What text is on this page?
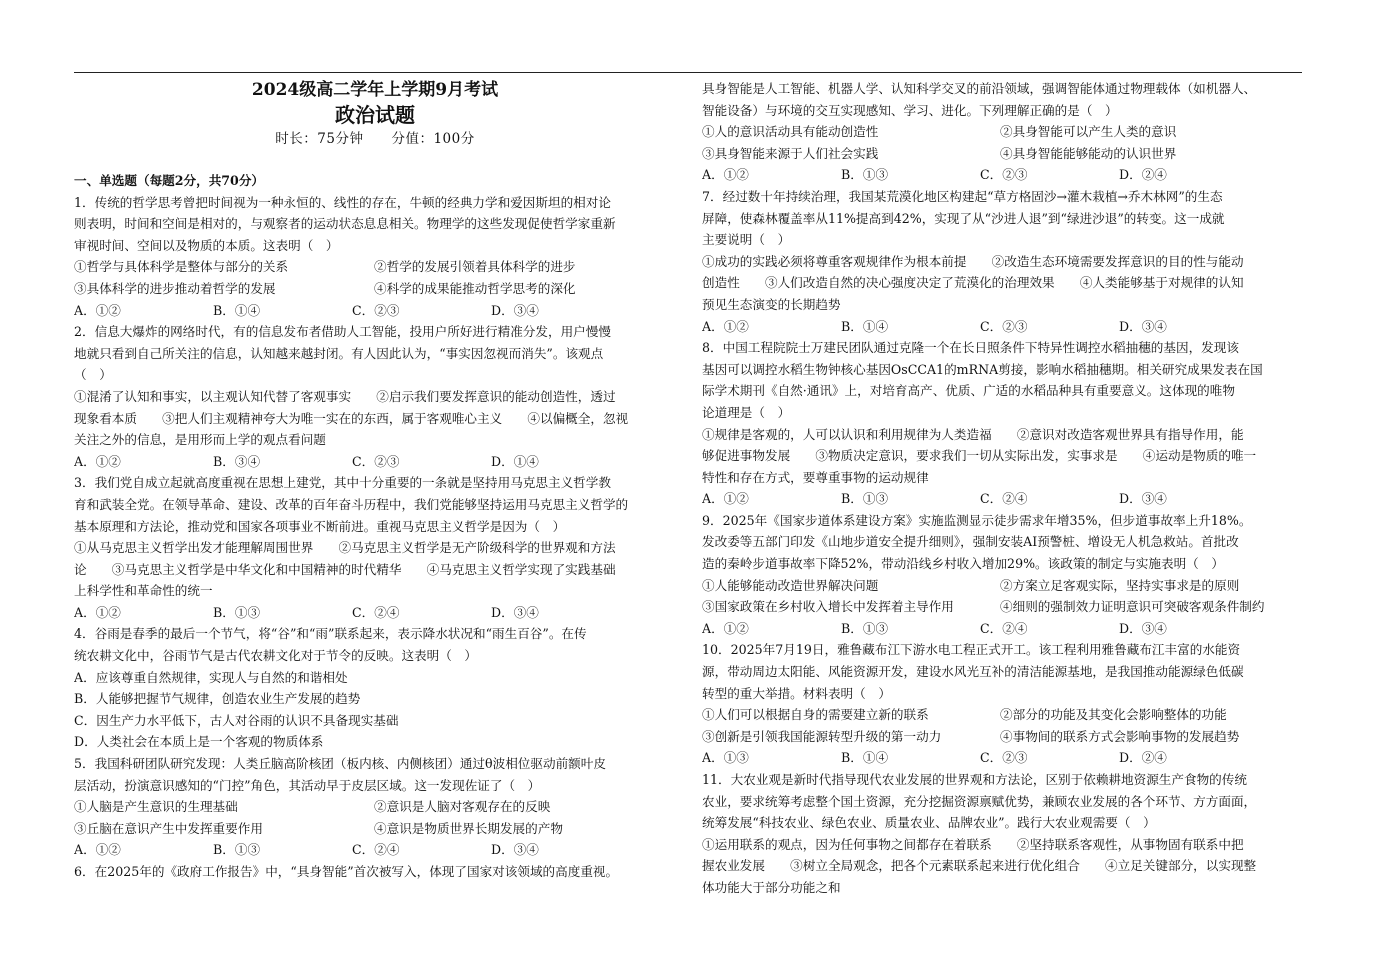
2024级高二学年上学期9月考试
政治试题
时长：75分钟　　分值：100分
一、单选题（每题2分，共70分）
1．传统的哲学思考曾把时间视为一种永恒的、线性的存在，牛顿的经典力学和爱因斯坦的相对论
则表明，时间和空间是相对的，与观察者的运动状态息息相关。物理学的这些发现促使哲学家重新
审视时间、空间以及物质的本质。这表明（　）
①哲学与具体科学是整体与部分的关系	②哲学的发展引领着具体科学的进步
③具体科学的进步推动着哲学的发展	④科学的成果能推动哲学思考的深化
A．①②	B．①④	C．②③	D．③④
2．信息大爆炸的网络时代，有的信息发布者借助人工智能，投用户所好进行精准分发，用户慢慢
地就只看到自己所关注的信息，认知越来越封闭。有人因此认为，“事实因忽视而消失”。该观点
（　）
①混淆了认知和事实，以主观认知代替了客观事实　　②启示我们要发挥意识的能动创造性，透过
现象看本质　　③把人们主观精神夸大为唯一实在的东西，属于客观唯心主义　　④以偏概全，忽视
关注之外的信息，是用形而上学的观点看问题
A．①②	B．③④	C．②③	D．①④
3．我们党自成立起就高度重视在思想上建党，其中十分重要的一条就是坚持用马克思主义哲学教
育和武装全党。在领导革命、建设、改革的百年奋斗历程中，我们党能够坚持运用马克思主义哲学的
基本原理和方法论，推动党和国家各项事业不断前进。重视马克思主义哲学是因为（　）
①从马克思主义哲学出发才能理解周围世界　　②马克思主义哲学是无产阶级科学的世界观和方法
论　　③马克思主义哲学是中华文化和中国精神的时代精华　　④马克思主义哲学实现了实践基础
上科学性和革命性的统一
A．①②	B．①③	C．②④	D．③④
4．谷雨是春季的最后一个节气，将“谷”和“雨”联系起来，表示降水状况和“雨生百谷”。在传
统农耕文化中，谷雨节气是古代农耕文化对于节令的反映。这表明（　）
A．应该尊重自然规律，实现人与自然的和谐相处
B．人能够把握节气规律，创造农业生产发展的趋势
C．因生产力水平低下，古人对谷雨的认识不具备现实基础
D．人类社会在本质上是一个客观的物质体系
5．我国科研团队研究发现：人类丘脑高阶核团（板内核、内侧核团）通过θ波相位驱动前额叶皮
层活动，扮演意识感知的“门控”角色，其活动早于皮层区域。这一发现佐证了（　）
①人脑是产生意识的生理基础	②意识是人脑对客观存在的反映
③丘脑在意识产生中发挥重要作用	④意识是物质世界长期发展的产物
A．①②	B．①③	C．②④	D．③④
6．在2025年的《政府工作报告》中，“具身智能”首次被写入，体现了国家对该领域的高度重视。
具身智能是人工智能、机器人学、认知科学交叉的前沿领域，强调智能体通过物理载体（如机器人、
智能设备）与环境的交互实现感知、学习、进化。下列理解正确的是（　）
①人的意识活动具有能动创造性	②具身智能可以产生人类的意识
③具身智能来源于人们社会实践	④具身智能能够能动的认识世界
A．①②	B．①③	C．②③	D．②④
7．经过数十年持续治理，我国某荒漠化地区构建起“草方格固沙→灌木栽植→乔木林网”的生态
屏障，使森林覆盖率从11%提高到42%，实现了从“沙进人退”到“绿进沙退”的转变。这一成就
主要说明（　）
①成功的实践必须将尊重客观规律作为根本前提　　②改造生态环境需要发挥意识的目的性与能动
创造性　　③人们改造自然的决心强度决定了荒漠化的治理效果　　④人类能够基于对规律的认知
预见生态演变的长期趋势
A．①②	B．①④	C．②③	D．③④
8．中国工程院院士万建民团队通过克隆一个在长日照条件下特异性调控水稻抽穗的基因，发现该
基因可以调控水稻生物钟核心基因OsCCA1的mRNA剪接，影响水稻抽穗期。相关研究成果发表在国
际学术期刊《自然·通讯》上，对培育高产、优质、广适的水稻品种具有重要意义。这体现的唯物
论道理是（　）
①规律是客观的，人可以认识和利用规律为人类造福　　②意识对改造客观世界具有指导作用，能
够促进事物发展　　③物质决定意识，要求我们一切从实际出发，实事求是　　④运动是物质的唯一
特性和存在方式，要尊重事物的运动规律
A．①②	B．①③	C．②④	D．③④
9．2025年《国家步道体系建设方案》实施监测显示徒步需求年增35%，但步道事故率上升18%。
发改委等五部门印发《山地步道安全提升细则》，强制安装AI预警桩、增设无人机急救站。首批改
造的秦岭步道事故率下降52%，带动沿线乡村收入增加29%。该政策的制定与实施表明（　）
①人能够能动改造世界解决问题	②方案立足客观实际，坚持实事求是的原则
③国家政策在乡村收入增长中发挥着主导作用	④细则的强制效力证明意识可突破客观条件制约
A．①②	B．①③	C．②④	D．③④
10．2025年7月19日，雅鲁藏布江下游水电工程正式开工。该工程利用雅鲁藏布江丰富的水能资
源，带动周边太阳能、风能资源开发，建设水风光互补的清洁能源基地，是我国推动能源绿色低碳
转型的重大举措。材料表明（　）
①人们可以根据自身的需要建立新的联系	②部分的功能及其变化会影响整体的功能
③创新是引领我国能源转型升级的第一动力	④事物间的联系方式会影响事物的发展趋势
A．①③	B．①④	C．②③	D．②④
11．大农业观是新时代指导现代农业发展的世界观和方法论，区别于依赖耕地资源生产食物的传统
农业，要求统筹考虑整个国土资源，充分挖掘资源禀赋优势，兼顾农业发展的各个环节、方方面面，
统筹发展“科技农业、绿色农业、质量农业、品牌农业”。践行大农业观需要（　）
①运用联系的观点，因为任何事物之间都存在着联系　　②坚持联系客观性，从事物固有联系中把
握农业发展　　③树立全局观念，把各个元素联系起来进行优化组合　　④立足关键部分，以实现整
体功能大于部分功能之和
